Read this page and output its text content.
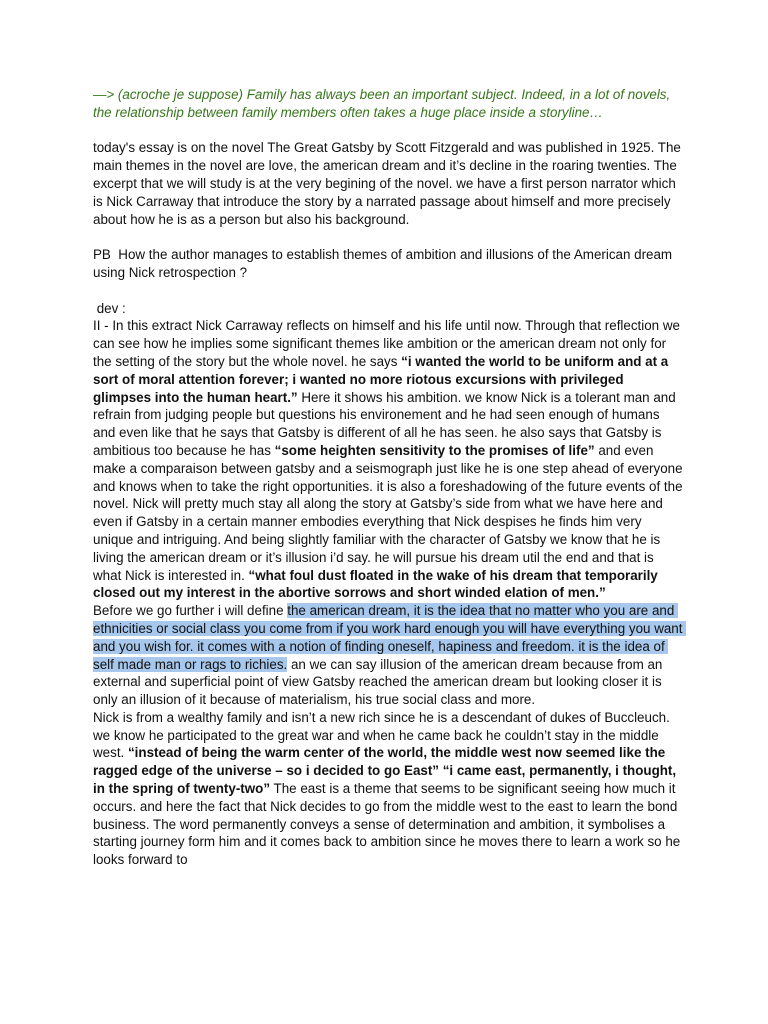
—> (acroche je suppose) Family has always been an important subject. Indeed, in a lot of novels, the relationship between family members often takes a huge place inside a storyline…

today's essay is on the novel The Great Gatsby by Scott Fitzgerald and was published in 1925. The main themes in the novel are love, the american dream and it’s decline in the roaring twenties. The excerpt that we will study is at the very begining of the novel. we have a first person narrator which is Nick Carraway that introduce the story by a narrated passage about himself and more precisely about how he is as a person but also his background.

PB  How the author manages to establish themes of ambition and illusions of the American dream using Nick retrospection ?

dev :

II - In this extract Nick Carraway reflects on himself and his life until now. Through that reflection we can see how he implies some significant themes like ambition or the american dream not only for the setting of the story but the whole novel. he says “i wanted the world to be uniform and at a sort of moral attention forever; i wanted no more riotous excursions with privileged glimpses into the human heart.” Here it shows his ambition. we know Nick is a tolerant man and refrain from judging people but questions his environement and he had seen enough of humans and even like that he says that Gatsby is different of all he has seen. he also says that Gatsby is ambitious too because he has “some heighten sensitivity to the promises of life” and even make a comparaison between gatsby and a seismograph just like he is one step ahead of everyone and knows when to take the right opportunities. it is also a foreshadowing of the future events of the novel. Nick will pretty much stay all along the story at Gatsby’s side from what we have here and even if Gatsby in a certain manner embodies everything that Nick despises he finds him very unique and intriguing. And being slightly familiar with the character of Gatsby we know that he is living the american dream or it’s illusion i’d say. he will pursue his dream util the end and that is what Nick is interested in. “what foul dust floated in the wake of his dream that temporarily closed out my interest in the abortive sorrows and short winded elation of men.”

Before we go further i will define the american dream, it is the idea that no matter who you are and ethnicities or social class you come from if you work hard enough you will have everything you want and you wish for. it comes with a notion of finding oneself, hapiness and freedom. it is the idea of self made man or rags to richies. an we can say illusion of the american dream because from an external and superficial point of view Gatsby reached the american dream but looking closer it is only an illusion of it because of materialism, his true social class and more.

Nick is from a wealthy family and isn’t a new rich since he is a descendant of dukes of Buccleuch. we know he participated to the great war and when he came back he couldn’t stay in the middle west. “instead of being the warm center of the world, the middle west now seemed like the ragged edge of the universe – so i decided to go East” “i came east, permanently, i thought, in the spring of twenty-two” The east is a theme that seems to be significant seeing how much it occurs. and here the fact that Nick decides to go from the middle west to the east to learn the bond business. The word permanently conveys a sense of determination and ambition, it symbolises a starting journey form him and it comes back to ambition since he moves there to learn a work so he looks forward to
